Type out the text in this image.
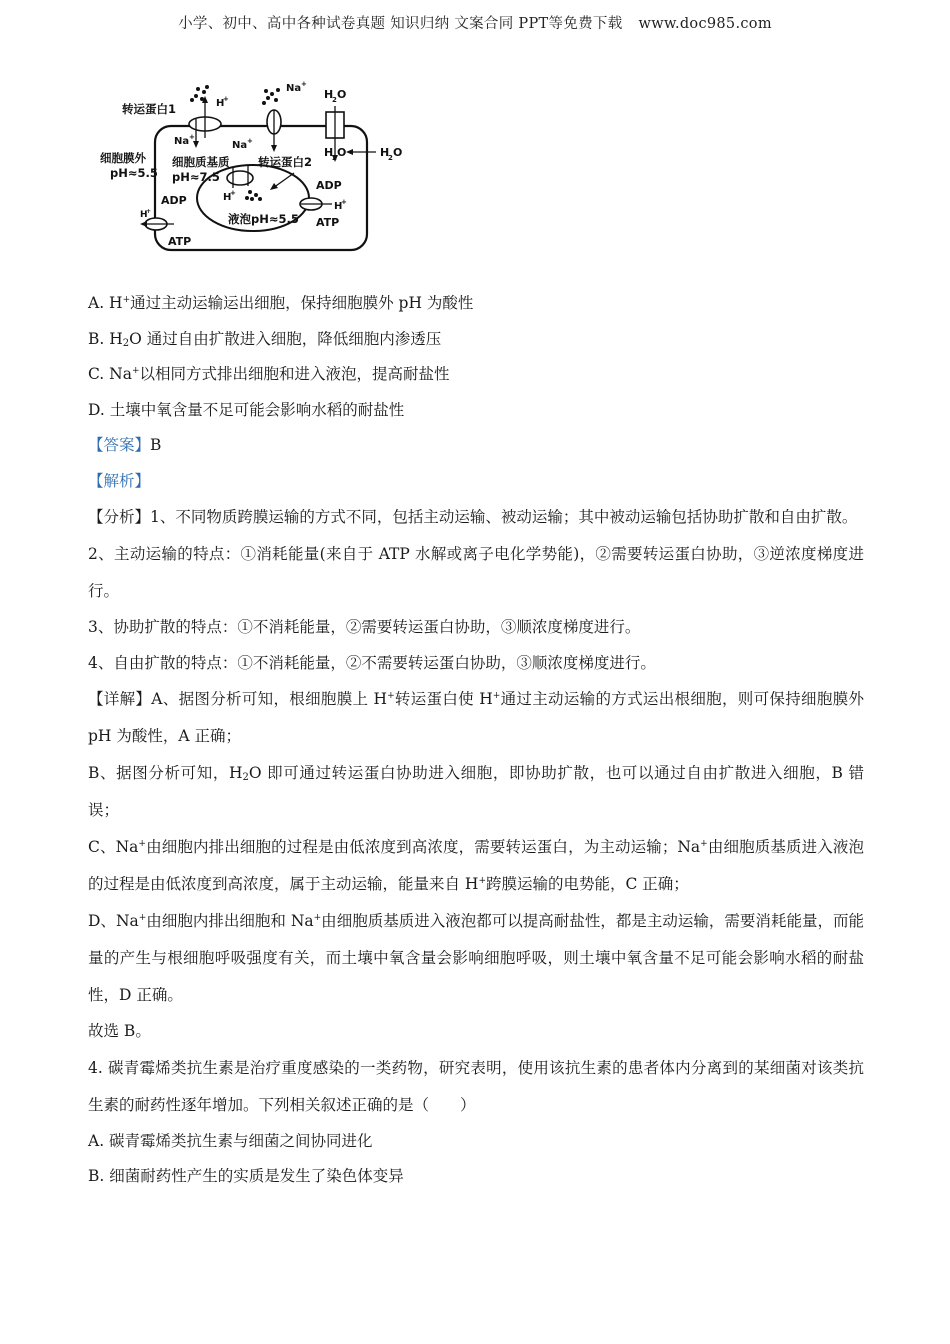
小学、初中、高中各种试卷真题 知识归纳 文案合同 PPT等免费下载 www.doc985.com
转运蛋白1	H
+
Na +
H
2 O
Na +
Na +
细胞膜外
pH≈5.5
细胞质基质
pH≈7.5
转运蛋白2
H
2 O	H
2 O
ADP
H
+
ATP
H
+
液泡pH≈5.5
ADP
H
+
ATP

A. H+通过主动运输运出细胞，保持细胞膜外 pH 为酸性

B. $H_2O$ 通过自由扩散进入细胞，降低细胞内渗透压

C. Na+以相同方式排出细胞和进入液泡，提高耐盐性

D. 土壤中氧含量不足可能会影响水稻的耐盐性

【答案】B

【解析】

【分析】1、不同物质跨膜运输的方式不同，包括主动运输、被动运输；其中被动运输包括协助扩散和自由扩散。

2、主动运输的特点：①消耗能量(来自于 ATP 水解或离子电化学势能)，②需要转运蛋白协助，③逆浓度梯度进行。

3、协助扩散的特点：①不消耗能量，②需要转运蛋白协助，③顺浓度梯度进行。

4、自由扩散的特点：①不消耗能量，②不需要转运蛋白协助，③顺浓度梯度进行。

【详解】A、据图分析可知，根细胞膜上 H+转运蛋白使 H+通过主动运输的方式运出根细胞，则可保持细胞膜外 pH 为酸性，A 正确；

B、据图分析可知，$H_2O$ 即可通过转运蛋白协助进入细胞，即协助扩散，也可以通过自由扩散进入细胞，B 错误；

C、Na+由细胞内排出细胞的过程是由低浓度到高浓度，需要转运蛋白，为主动运输；Na+由细胞质基质进入液泡的过程是由低浓度到高浓度，属于主动运输，能量来自 H+跨膜运输的电势能，C 正确；

D、Na+由细胞内排出细胞和 Na+由细胞质基质进入液泡都可以提高耐盐性，都是主动运输，需要消耗能量，而能量的产生与根细胞呼吸强度有关，而土壤中氧含量会影响细胞呼吸，则土壤中氧含量不足可能会影响水稻的耐盐性，D 正确。

故选 B。

4. 碳青霉烯类抗生素是治疗重度感染的一类药物，研究表明，使用该抗生素的患者体内分离到的某细菌对该类抗生素的耐药性逐年增加。下列相关叙述正确的是（　　）

A. 碳青霉烯类抗生素与细菌之间协同进化

B. 细菌耐药性产生的实质是发生了染色体变异
